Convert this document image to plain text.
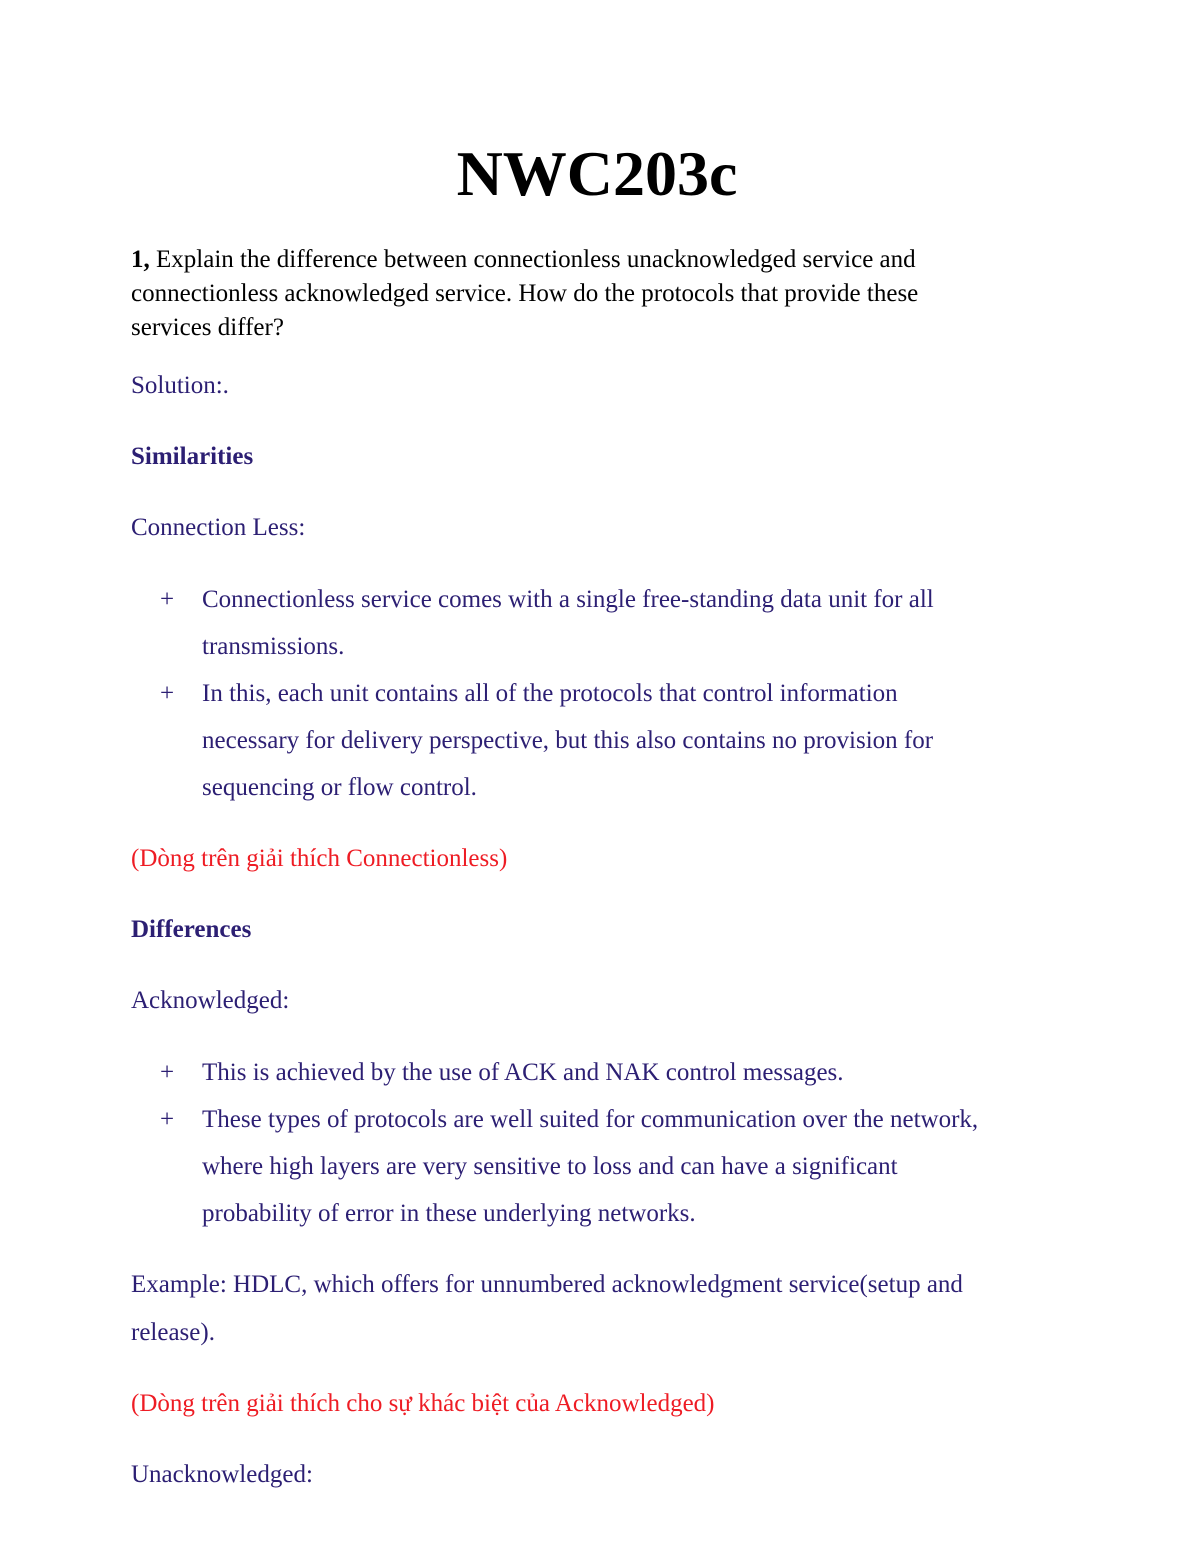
NWC203c
1, Explain the difference between connectionless unacknowledged service and
connectionless acknowledged service. How do the protocols that provide these
services differ?

Solution:.

Similarities

Connection Less:

+ Connectionless service comes with a single free-standing data unit for all
transmissions.
+ In this, each unit contains all of the protocols that control information
necessary for delivery perspective, but this also contains no provision for
sequencing or flow control.

(Dòng trên giải thích Connectionless)

Differences

Acknowledged:

+ This is achieved by the use of ACK and NAK control messages.
+ These types of protocols are well suited for communication over the network,
where high layers are very sensitive to loss and can have a significant
probability of error in these underlying networks.
Example: HDLC, which offers for unnumbered acknowledgment service(setup and
release).

(Dòng trên giải thích cho sự khác biệt của Acknowledged)

Unacknowledged:
